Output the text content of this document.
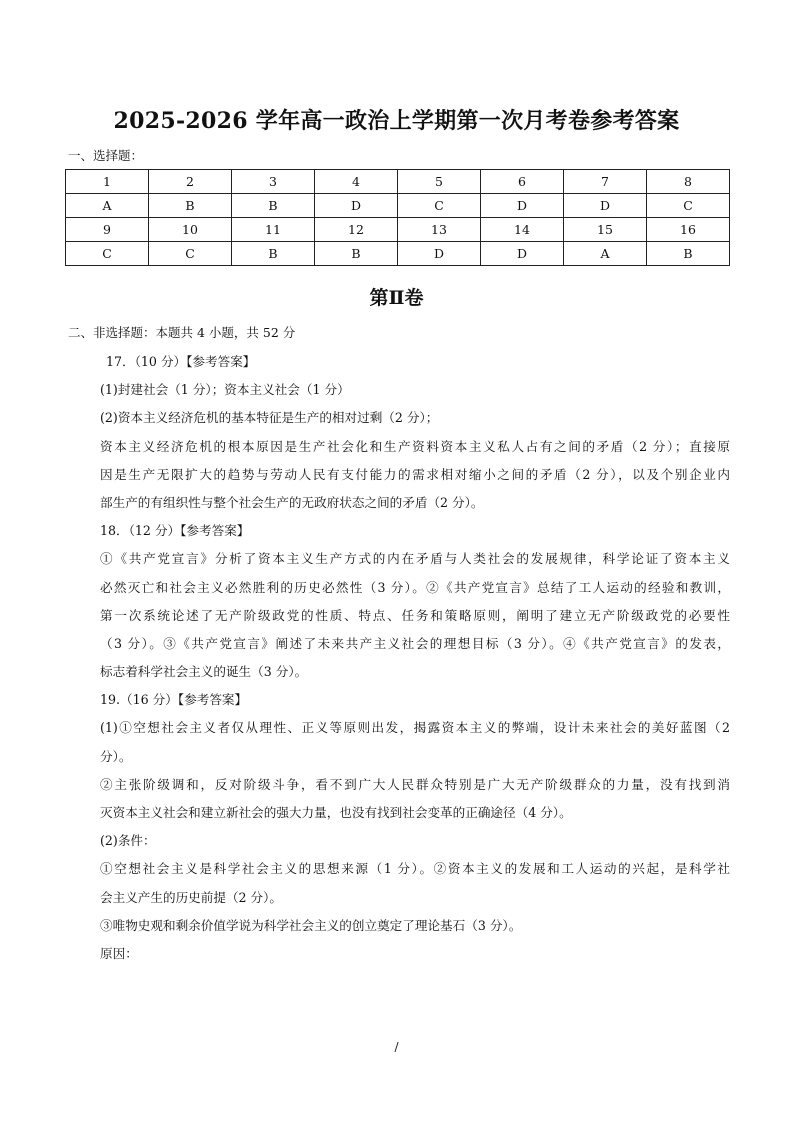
2025-2026 学年高一政治上学期第一次月考卷参考答案
一、选择题：
1	2	3	4	5	6	7	8
A	B	B	D	C	D	D	C
9	10	11	12	13	14	15	16
C	C	B	B	D	D	A	B
第Ⅱ卷
二、非选择题：本题共 4 小题，共 52 分
17．（10 分）【参考答案】
(1)封建社会（1 分）；资本主义社会（1 分）
(2)资本主义经济危机的基本特征是生产的相对过剩（2 分）；
资本主义经济危机的根本原因是生产社会化和生产资料资本主义私人占有之间的矛盾（2 分）；直接原
因是生产无限扩大的趋势与劳动人民有支付能力的需求相对缩小之间的矛盾（2 分），以及个别企业内
部生产的有组织性与整个社会生产的无政府状态之间的矛盾（2 分）。
18．（12 分）【参考答案】
①《共产党宣言》分析了资本主义生产方式的内在矛盾与人类社会的发展规律，科学论证了资本主义
必然灭亡和社会主义必然胜利的历史必然性（3 分）。②《共产党宣言》总结了工人运动的经验和教训，
第一次系统论述了无产阶级政党的性质、特点、任务和策略原则，阐明了建立无产阶级政党的必要性
（3 分）。③《共产党宣言》阐述了未来共产主义社会的理想目标（3 分）。④《共产党宣言》的发表，
标志着科学社会主义的诞生（3 分）。
19.（16 分）【参考答案】
(1)①空想社会主义者仅从理性、正义等原则出发，揭露资本主义的弊端，设计未来社会的美好蓝图（2
分）。
②主张阶级调和，反对阶级斗争，看不到广大人民群众特别是广大无产阶级群众的力量，没有找到消
灭资本主义社会和建立新社会的强大力量，也没有找到社会变革的正确途径（4 分）。
(2)条件：
①空想社会主义是科学社会主义的思想来源（1 分）。②资本主义的发展和工人运动的兴起，是科学社
会主义产生的历史前提（2 分）。
③唯物史观和剩余价值学说为科学社会主义的创立奠定了理论基石（3 分）。
原因：
/
